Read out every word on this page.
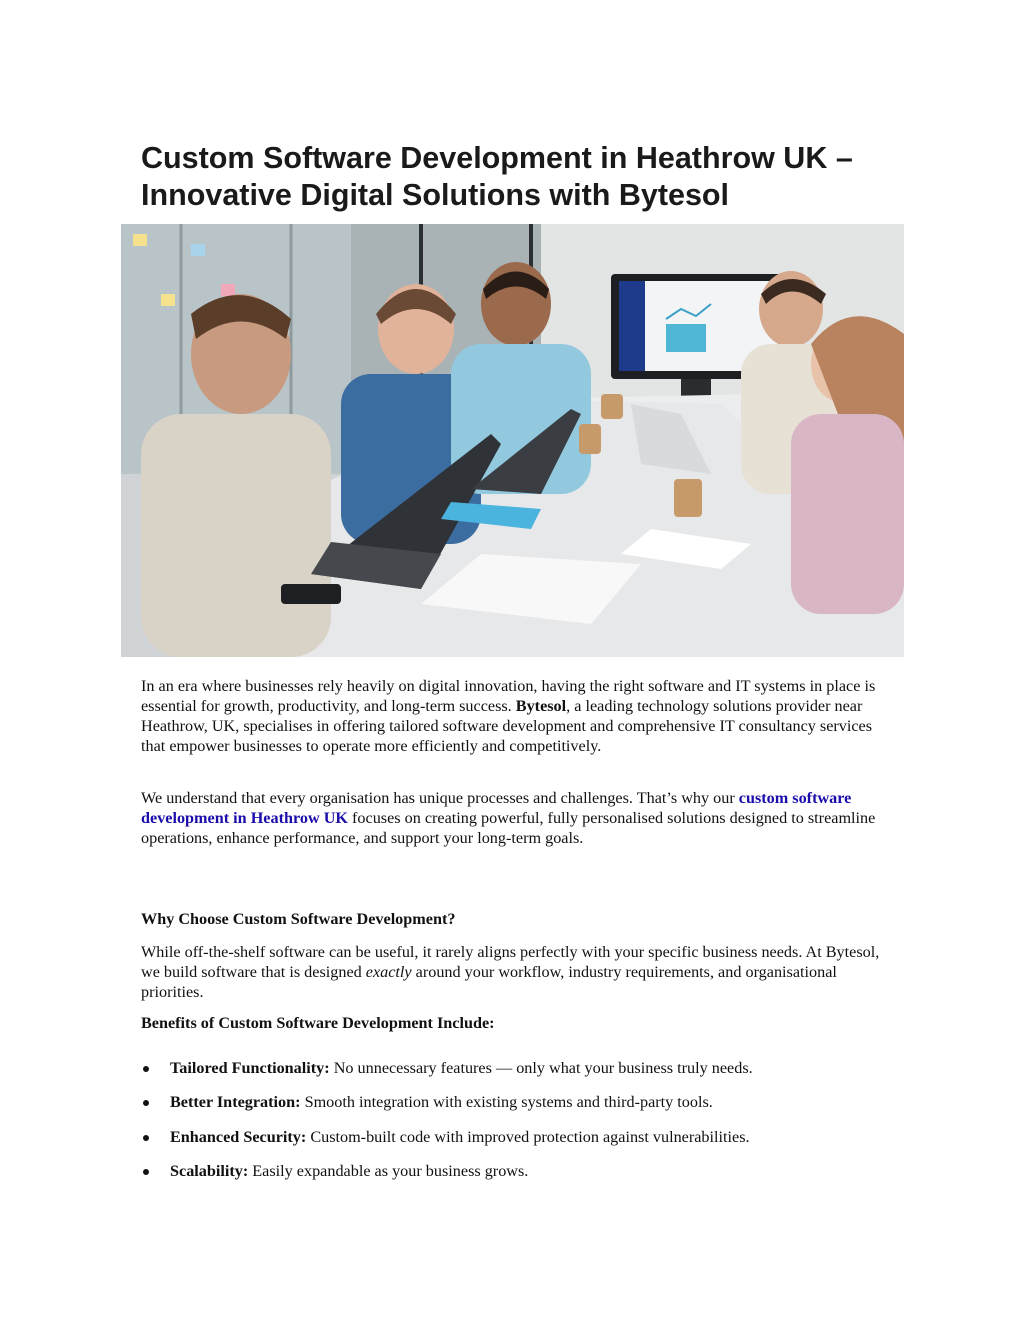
Custom Software Development in Heathrow UK –
Innovative Digital Solutions with Bytesol

In an era where businesses rely heavily on digital innovation, having the right software and IT systems in place is essential for growth, productivity, and long-term success. Bytesol, a leading technology solutions provider near Heathrow, UK, specialises in offering tailored software development and comprehensive IT consultancy services that empower businesses to operate more efficiently and competitively.

We understand that every organisation has unique processes and challenges. That’s why our custom software development in Heathrow UK focuses on creating powerful, fully personalised solutions designed to streamline operations, enhance performance, and support your long-term goals.

Why Choose Custom Software Development?

While off-the-shelf software can be useful, it rarely aligns perfectly with your specific business needs. At Bytesol, we build software that is designed exactly around your workflow, industry requirements, and organisational priorities.

Benefits of Custom Software Development Include:
Tailored Functionality: No unnecessary features — only what your business truly needs.
Better Integration: Smooth integration with existing systems and third-party tools.
Enhanced Security: Custom-built code with improved protection against vulnerabilities.
Scalability: Easily expandable as your business grows.
